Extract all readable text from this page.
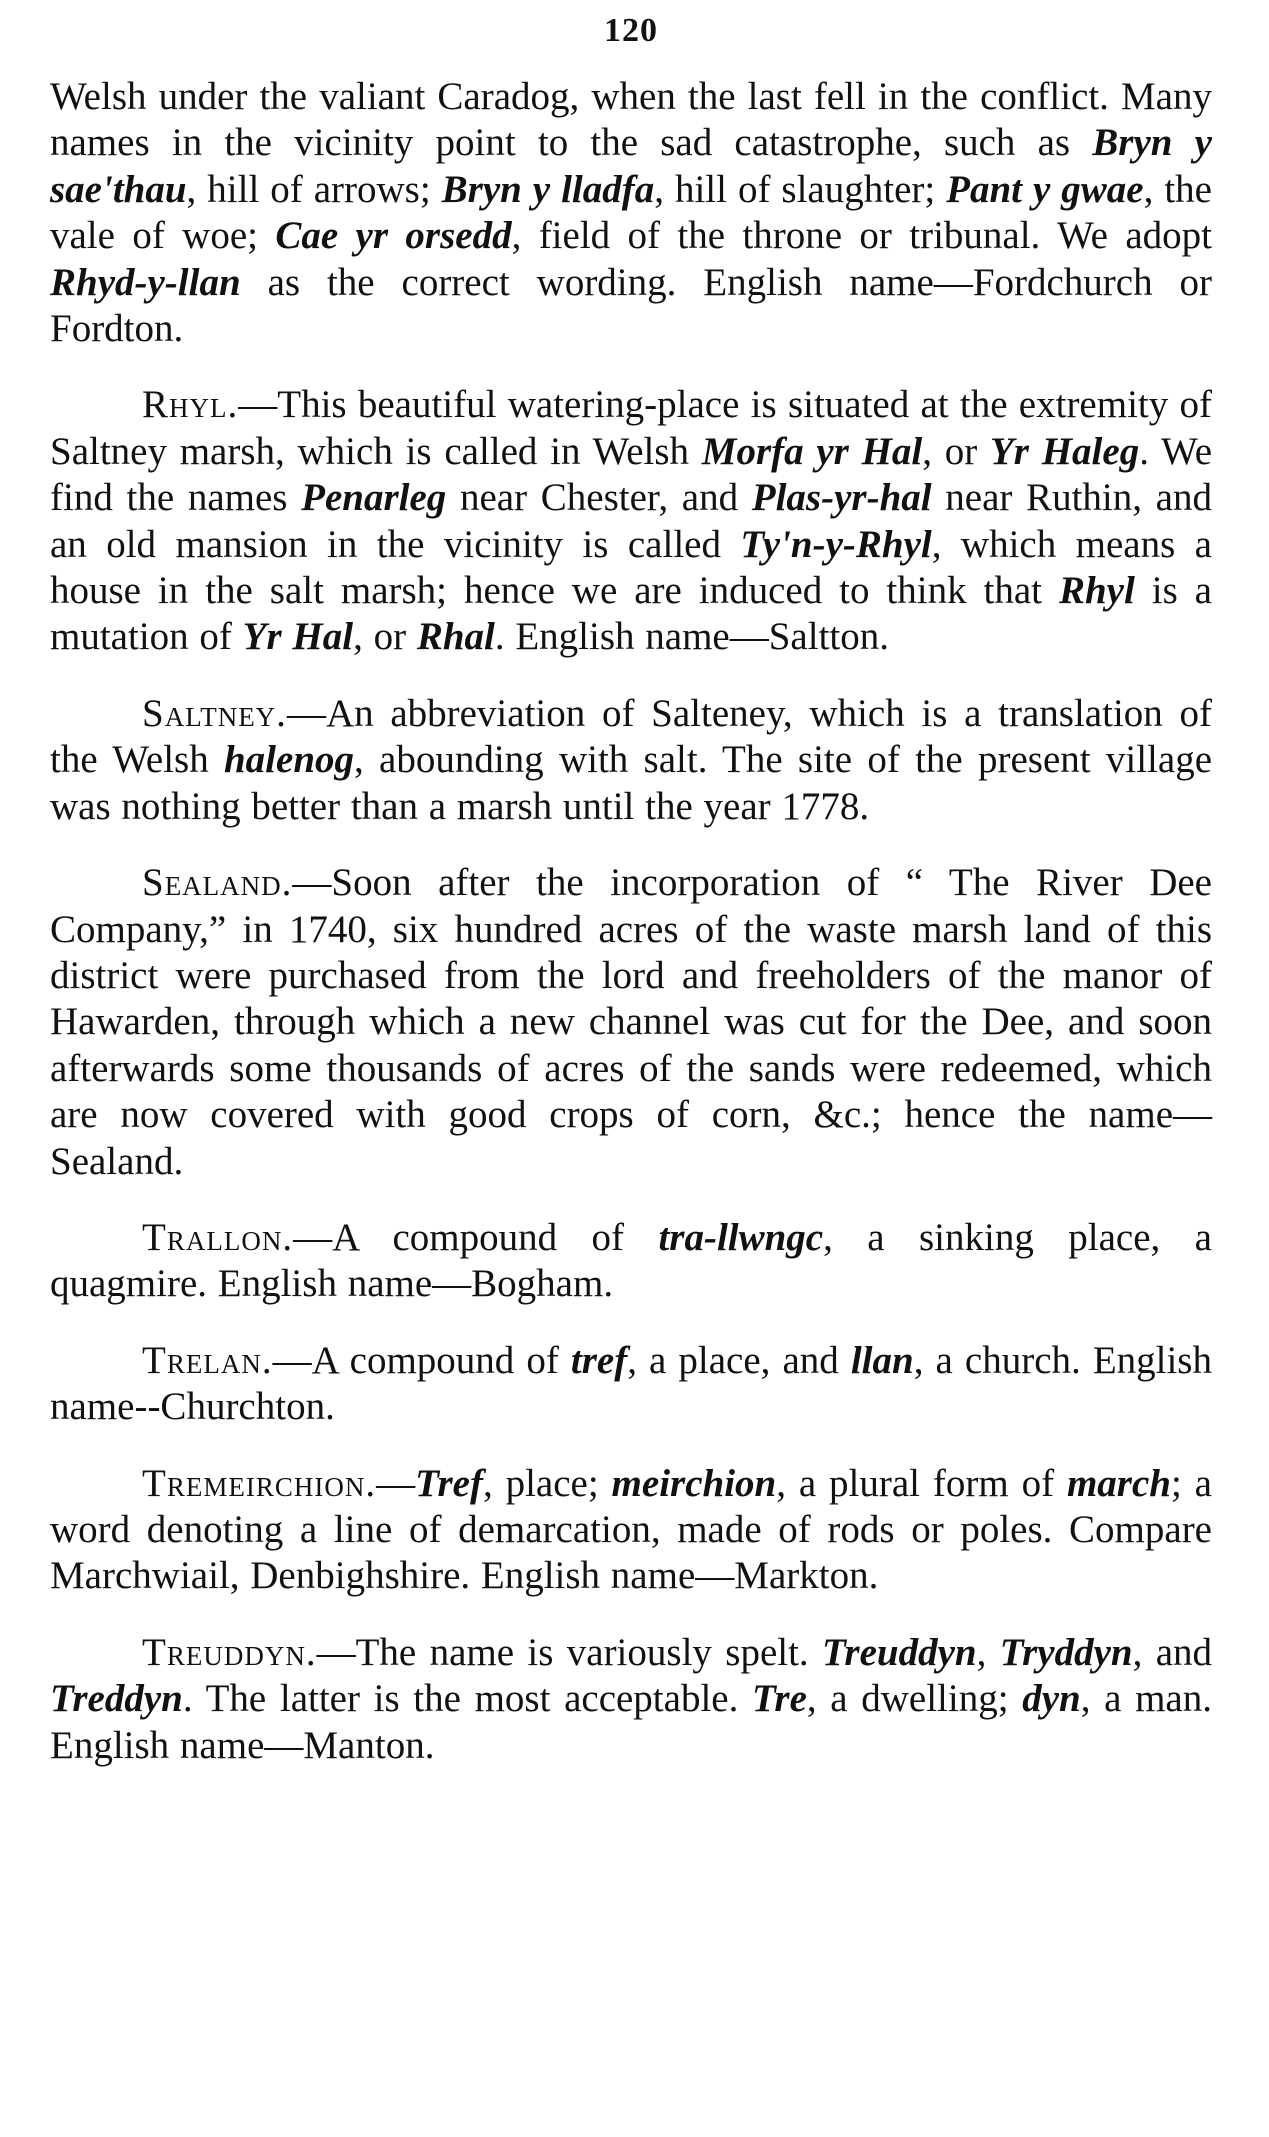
120

Welsh under the valiant Caradog, when the last fell in the conflict. Many names in the vicinity point to the sad catastrophe, such as Bryn y sae'thau, hill of arrows; Bryn y lladfa, hill of slaughter; Pant y gwae, the vale of woe; Cae yr orsedd, field of the throne or tribunal. We adopt Rhyd-y-llan as the correct wording. English name—Fordchurch or Fordton.

Rhyl.—This beautiful watering-place is situated at the extremity of Saltney marsh, which is called in Welsh Morfa yr Hal, or Yr Haleg. We find the names Penarleg near Chester, and Plas-yr-hal near Ruthin, and an old mansion in the vicinity is called Ty'n-y-Rhyl, which means a house in the salt marsh; hence we are induced to think that Rhyl is a mutation of Yr Hal, or Rhal. English name—Saltton.

Saltney.—An abbreviation of Salteney, which is a translation of the Welsh halenog, abounding with salt. The site of the present village was nothing better than a marsh until the year 1778.

Sealand.—Soon after the incorporation of “ The River Dee Company,” in 1740, six hundred acres of the waste marsh land of this district were purchased from the lord and freeholders of the manor of Hawarden, through which a new channel was cut for the Dee, and soon afterwards some thousands of acres of the sands were redeemed, which are now covered with good crops of corn, &c.; hence the name—Sealand.

Trallon.—A compound of tra-llwngc, a sinking place, a quagmire. English name—Bogham.

Trelan.—A compound of tref, a place, and llan, a church. English name--Churchton.

Tremeirchion.—Tref, place; meirchion, a plural form of march; a word denoting a line of demarcation, made of rods or poles. Compare Marchwiail, Denbighshire. English name—Markton.

Treuddyn.—The name is variously spelt. Treuddyn, Tryddyn, and Treddyn. The latter is the most acceptable. Tre, a dwelling; dyn, a man. English name—Manton.
